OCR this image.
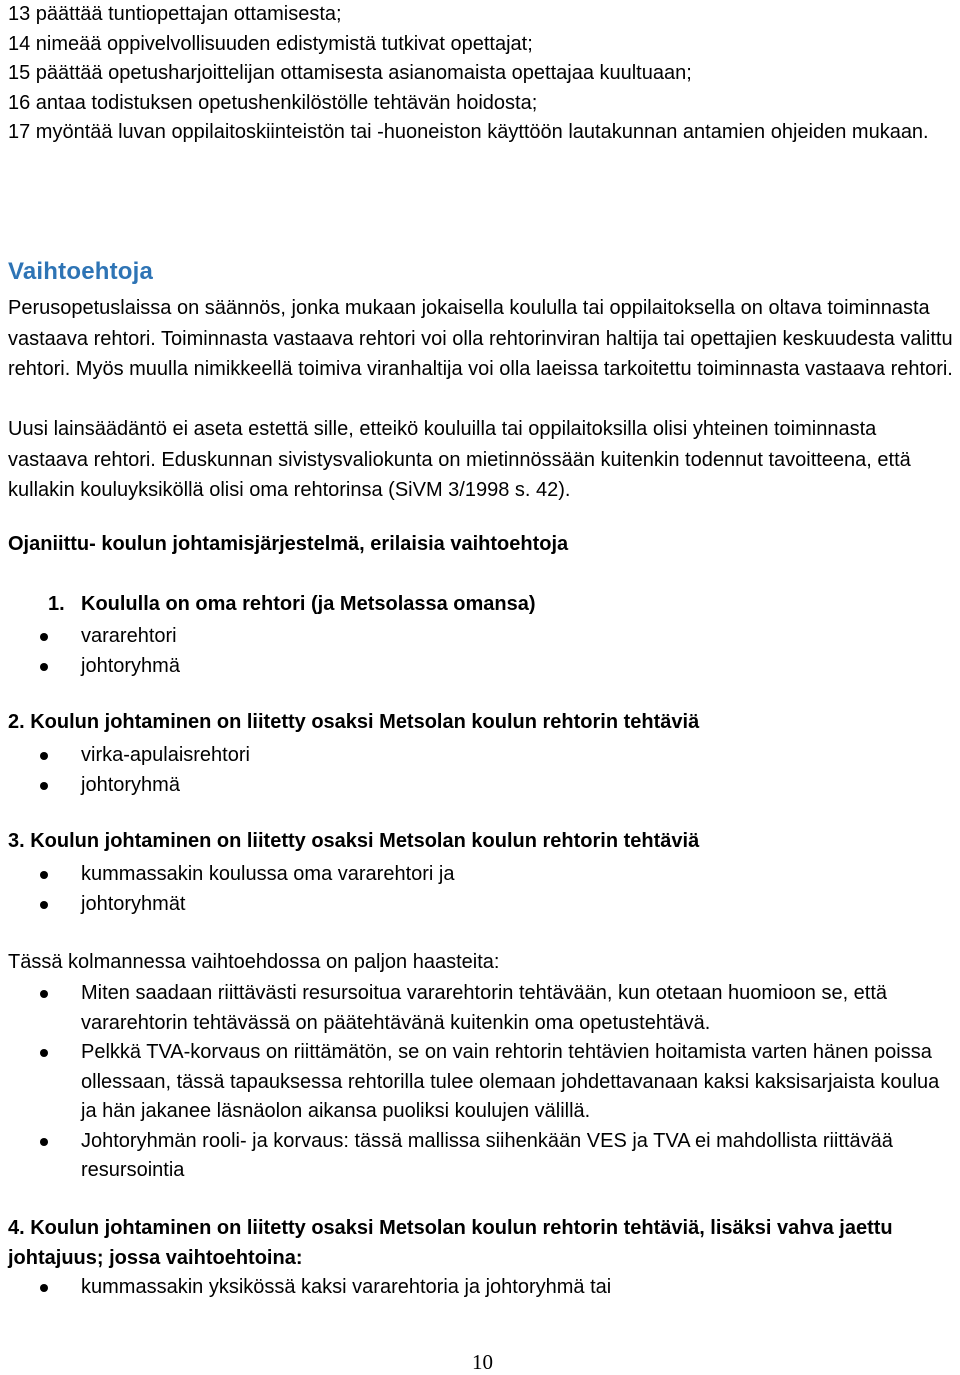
13 päättää tuntiopettajan ottamisesta;
14 nimeää oppivelvollisuuden edistymistä tutkivat opettajat;
15 päättää opetusharjoittelijan ottamisesta asianomaista opettajaa kuultuaan;
16 antaa todistuksen opetushenkilöstölle tehtävän hoidosta;
17 myöntää luvan oppilaitoskiinteistön tai -huoneiston käyttöön lautakunnan antamien ohjeiden mukaan.
Vaihtoehtoja

Perusopetuslaissa on säännös, jonka mukaan jokaisella koululla tai oppilaitoksella on oltava toiminnasta vastaava rehtori. Toiminnasta vastaava rehtori voi olla rehtorinviran haltija tai opettajien keskuudesta valittu rehtori. Myös muulla nimikkeellä toimiva viranhaltija voi olla laeissa tarkoitettu toiminnasta vastaava rehtori.

Uusi lainsäädäntö ei aseta estettä sille, etteikö kouluilla tai oppilaitoksilla olisi yhteinen toiminnasta vastaava rehtori. Eduskunnan sivistysvaliokunta on mietinnössään kuitenkin todennut tavoitteena, että kullakin kouluyksiköllä olisi oma rehtorinsa (SiVM 3/1998 s. 42).

Ojaniittu- koulun johtamisjärjestelmä, erilaisia vaihtoehtoja

1. Koululla on oma rehtori (ja Metsolassa omansa)

vararehtori
johtoryhmä

2. Koulun johtaminen on liitetty osaksi Metsolan koulun rehtorin tehtäviä

virka-apulaisrehtori
johtoryhmä

3. Koulun johtaminen on liitetty osaksi Metsolan koulun rehtorin tehtäviä

kummassakin koulussa oma vararehtori ja
johtoryhmät

Tässä kolmannessa vaihtoehdossa on paljon haasteita:

Miten saadaan riittävästi resursoitua vararehtorin tehtävään, kun otetaan huomioon se, että vararehtorin tehtävässä on päätehtävänä kuitenkin oma opetustehtävä.
Pelkkä TVA-korvaus on riittämätön, se on vain rehtorin tehtävien hoitamista varten hänen poissa ollessaan, tässä tapauksessa rehtorilla tulee olemaan johdettavanaan kaksi kaksisarjaista koulua ja hän jakanee läsnäolon aikansa puoliksi koulujen välillä.
Johtoryhmän rooli- ja korvaus: tässä mallissa siihenkään VES ja TVA ei mahdollista riittävää resursointia

4. Koulun johtaminen on liitetty osaksi Metsolan koulun rehtorin tehtäviä, lisäksi vahva jaettu johtajuus; jossa vaihtoehtoina:

kummassakin yksikössä kaksi vararehtoria ja johtoryhmä tai

10
